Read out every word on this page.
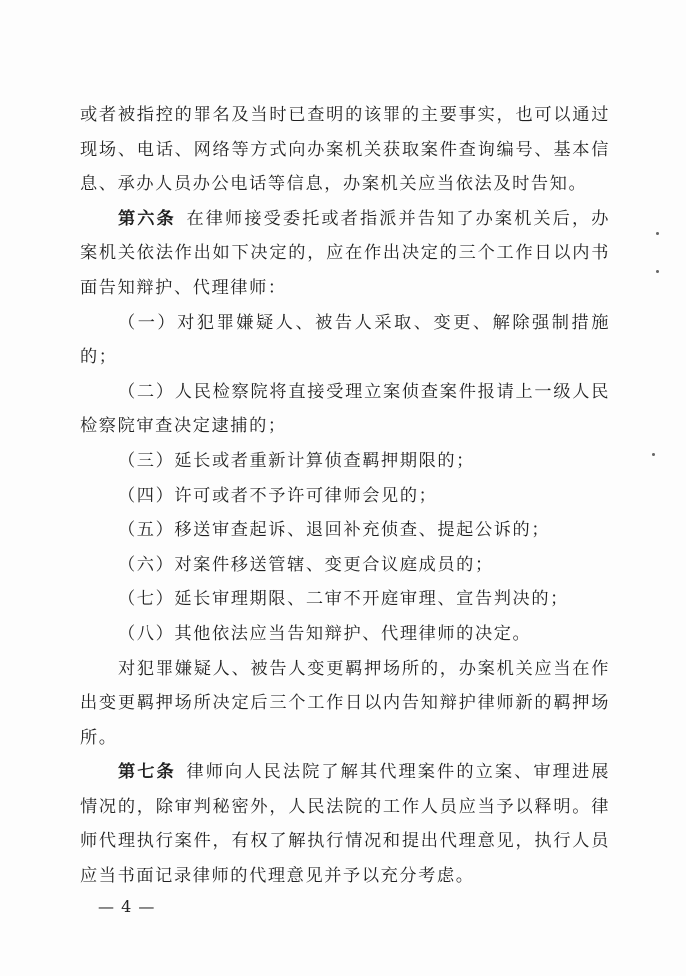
或者被指控的罪名及当时已查明的该罪的主要事实，也可以通过现场、电话、网络等方式向办案机关获取案件查询编号、基本信息、承办人员办公电话等信息，办案机关应当依法及时告知。

第六条  在律师接受委托或者指派并告知了办案机关后，办案机关依法作出如下决定的，应在作出决定的三个工作日以内书面告知辩护、代理律师：

（一）对犯罪嫌疑人、被告人采取、变更、解除强制措施的；

（二）人民检察院将直接受理立案侦查案件报请上一级人民检察院审查决定逮捕的；

（三）延长或者重新计算侦查羁押期限的；

（四）许可或者不予许可律师会见的；

（五）移送审查起诉、退回补充侦查、提起公诉的；

（六）对案件移送管辖、变更合议庭成员的；

（七）延长审理期限、二审不开庭审理、宣告判决的；

（八）其他依法应当告知辩护、代理律师的决定。

对犯罪嫌疑人、被告人变更羁押场所的，办案机关应当在作出变更羁押场所决定后三个工作日以内告知辩护律师新的羁押场所。

第七条  律师向人民法院了解其代理案件的立案、审理进展情况的，除审判秘密外，人民法院的工作人员应当予以释明。律师代理执行案件，有权了解执行情况和提出代理意见，执行人员应当书面记录律师的代理意见并予以充分考虑。

— 4 —
